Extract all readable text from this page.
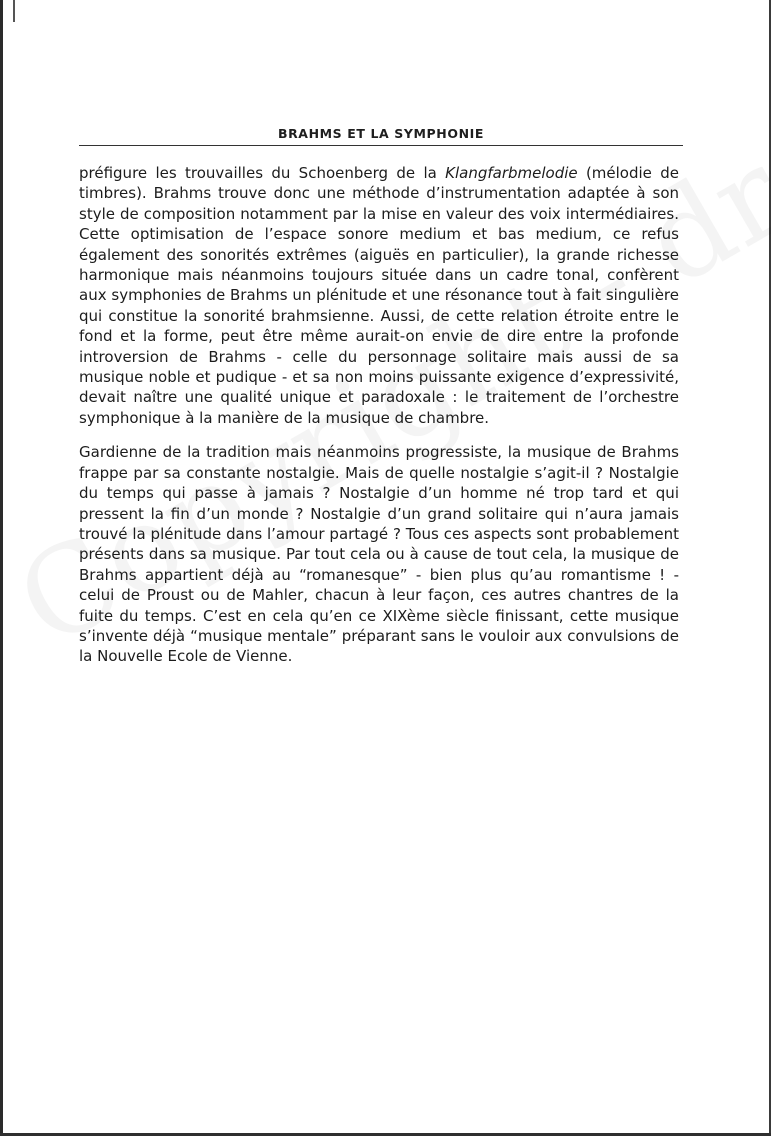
BRAHMS ET LA SYMPHONIE

préfigure les trouvailles du Schoenberg de la Klangfarbmelodie (mélodie de timbres). Brahms trouve donc une méthode d’instrumentation adaptée à son style de composition notamment par la mise en valeur des voix intermédiaires. Cette optimisation de l’espace sonore medium et bas medium, ce refus également des sonorités extrêmes (aiguës en particulier), la grande richesse harmonique mais néanmoins toujours située dans un cadre tonal, confèrent aux symphonies de Brahms un plénitude et une résonance tout à fait singulière qui constitue la sonorité brahmsienne. Aussi, de cette relation étroite entre le fond et la forme, peut être même aurait-on envie de dire entre la profonde introversion de Brahms - celle du personnage solitaire mais aussi de sa musique noble et pudique - et sa non moins puissante exigence d’expressivité, devait naître une qualité unique et paradoxale : le traitement de l’orchestre symphonique à la manière de la musique de chambre.

Gardienne de la tradition mais néanmoins progressiste, la musique de Brahms frappe par sa constante nostalgie. Mais de quelle nostalgie s’agit-il ? Nostalgie du temps qui passe à jamais ? Nostalgie d’un homme né trop tard et qui pressent la fin d’un monde ? Nostalgie d’un grand solitaire qui n’aura jamais trouvé la plénitude dans l’amour partagé ? Tous ces aspects sont probablement présents dans sa musique. Par tout cela ou à cause de tout cela, la musique de Brahms appartient déjà au “romanesque” - bien plus qu’au romantisme ! - celui de Proust ou de Mahler, chacun à leur façon, ces autres chantres de la fuite du temps. C’est en cela qu’en ce XIXème siècle finissant, cette musique s’invente déjà “musique mentale” préparant sans le vouloir aux convulsions de la Nouvelle Ecole de Vienne.
